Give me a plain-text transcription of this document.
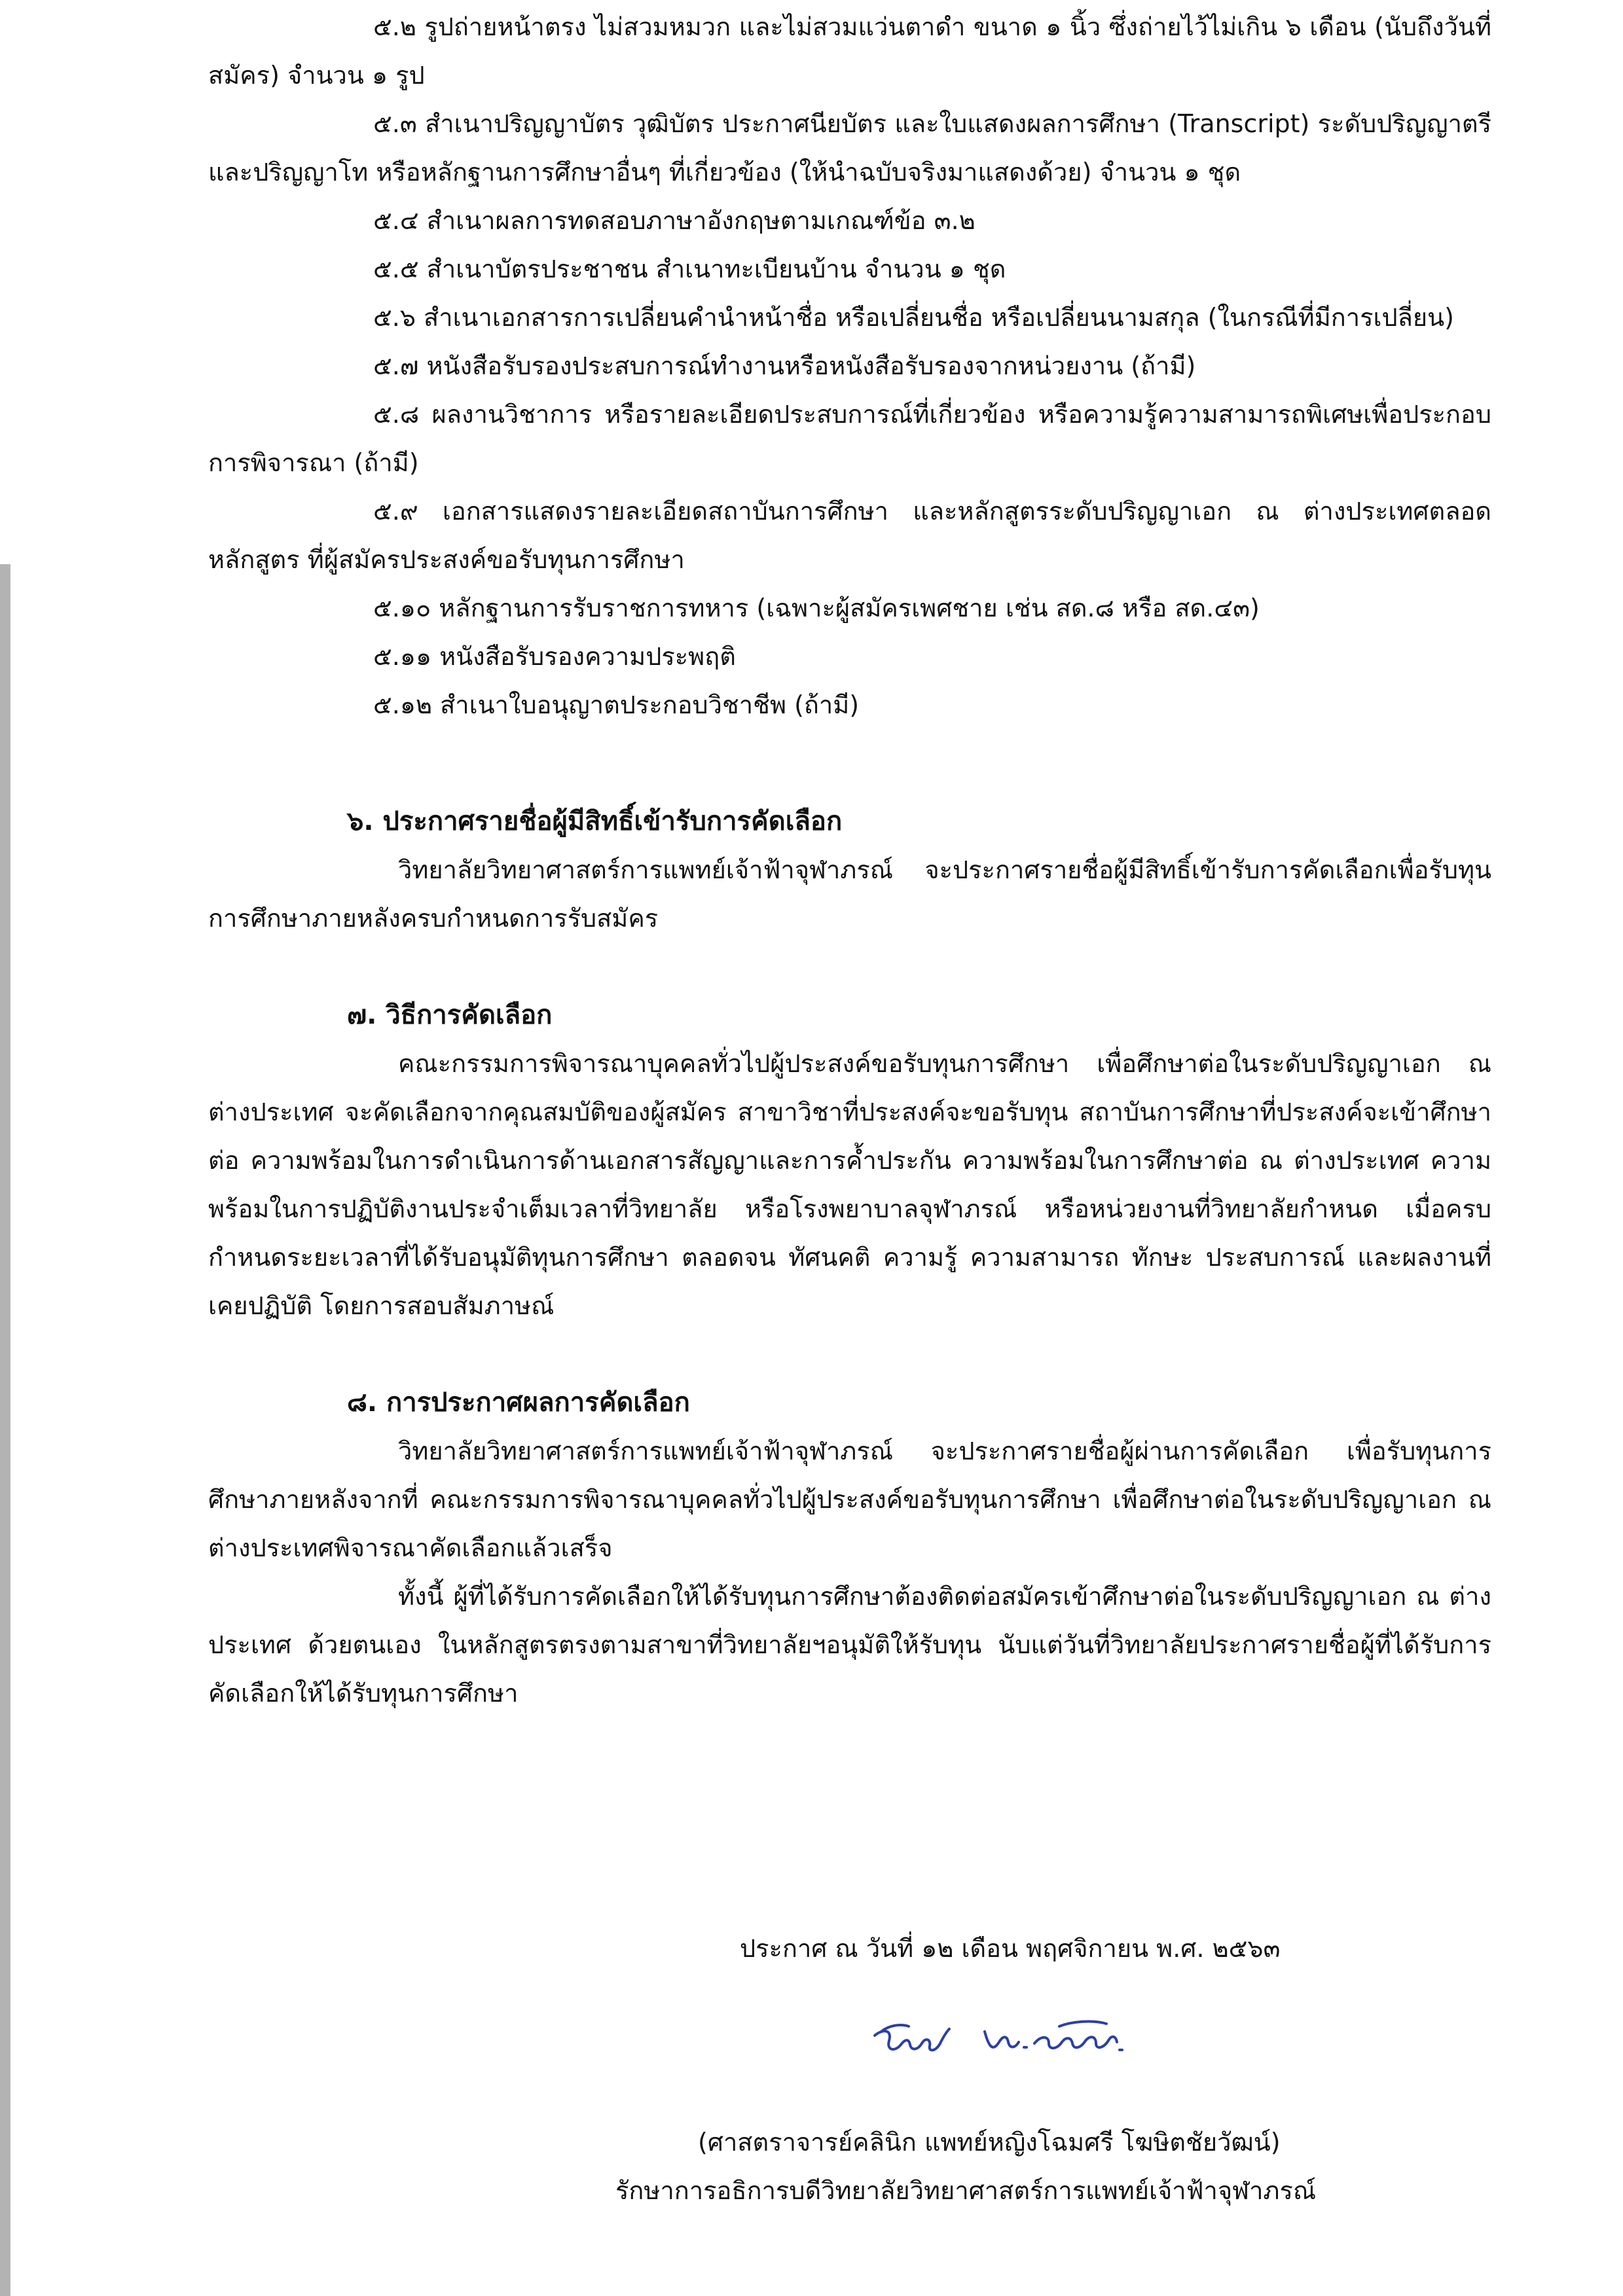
๕.๒ รูปถ่ายหน้าตรง ไม่สวมหมวก และไม่สวมแว่นตาดำ ขนาด ๑ นิ้ว ซึ่งถ่ายไว้ไม่เกิน ๖ เดือน (นับถึงวันที่สมัคร) จำนวน ๑ รูป

๕.๓ สำเนาปริญญาบัตร วุฒิบัตร ประกาศนียบัตร และใบแสดงผลการศึกษา (Transcript) ระดับปริญญาตรี และปริญญาโท หรือหลักฐานการศึกษาอื่นๆ ที่เกี่ยวข้อง (ให้นำฉบับจริงมาแสดงด้วย) จำนวน ๑ ชุด

๕.๔ สำเนาผลการทดสอบภาษาอังกฤษตามเกณฑ์ข้อ ๓.๒

๕.๕ สำเนาบัตรประชาชน สำเนาทะเบียนบ้าน จำนวน ๑ ชุด

๕.๖ สำเนาเอกสารการเปลี่ยนคำนำหน้าชื่อ หรือเปลี่ยนชื่อ หรือเปลี่ยนนามสกุล (ในกรณีที่มีการเปลี่ยน)

๕.๗ หนังสือรับรองประสบการณ์ทำงานหรือหนังสือรับรองจากหน่วยงาน (ถ้ามี)

๕.๘ ผลงานวิชาการ หรือรายละเอียดประสบการณ์ที่เกี่ยวข้อง หรือความรู้ความสามารถพิเศษเพื่อประกอบการพิจารณา (ถ้ามี)

๕.๙ เอกสารแสดงรายละเอียดสถาบันการศึกษา และหลักสูตรระดับปริญญาเอก ณ ต่างประเทศตลอดหลักสูตร ที่ผู้สมัครประสงค์ขอรับทุนการศึกษา

๕.๑๐ หลักฐานการรับราชการทหาร (เฉพาะผู้สมัครเพศชาย เช่น สด.๘ หรือ สด.๔๓)

๕.๑๑ หนังสือรับรองความประพฤติ

๕.๑๒ สำเนาใบอนุญาตประกอบวิชาชีพ (ถ้ามี)

๖. ประกาศรายชื่อผู้มีสิทธิ์เข้ารับการคัดเลือก

วิทยาลัยวิทยาศาสตร์การแพทย์เจ้าฟ้าจุฬาภรณ์ จะประกาศรายชื่อผู้มีสิทธิ์เข้ารับการคัดเลือกเพื่อรับทุนการศึกษาภายหลังครบกำหนดการรับสมัคร

๗. วิธีการคัดเลือก

คณะกรรมการพิจารณาบุคคลทั่วไปผู้ประสงค์ขอรับทุนการศึกษา เพื่อศึกษาต่อในระดับปริญญาเอก ณ ต่างประเทศ จะคัดเลือกจากคุณสมบัติของผู้สมัคร สาขาวิชาที่ประสงค์จะขอรับทุน สถาบันการศึกษาที่ประสงค์จะเข้าศึกษาต่อ ความพร้อมในการดำเนินการด้านเอกสารสัญญาและการค้ำประกัน ความพร้อมในการศึกษาต่อ ณ ต่างประเทศ ความพร้อมในการปฏิบัติงานประจำเต็มเวลาที่วิทยาลัย หรือโรงพยาบาลจุฬาภรณ์ หรือหน่วยงานที่วิทยาลัยกำหนด เมื่อครบกำหนดระยะเวลาที่ได้รับอนุมัติทุนการศึกษา ตลอดจน ทัศนคติ ความรู้ ความสามารถ ทักษะ ประสบการณ์ และผลงานที่เคยปฏิบัติ โดยการสอบสัมภาษณ์

๘. การประกาศผลการคัดเลือก

วิทยาลัยวิทยาศาสตร์การแพทย์เจ้าฟ้าจุฬาภรณ์ จะประกาศรายชื่อผู้ผ่านการคัดเลือก เพื่อรับทุนการศึกษาภายหลังจากที่ คณะกรรมการพิจารณาบุคคลทั่วไปผู้ประสงค์ขอรับทุนการศึกษา เพื่อศึกษาต่อในระดับปริญญาเอก ณ ต่างประเทศพิจารณาคัดเลือกแล้วเสร็จ

ทั้งนี้ ผู้ที่ได้รับการคัดเลือกให้ได้รับทุนการศึกษาต้องติดต่อสมัครเข้าศึกษาต่อในระดับปริญญาเอก ณ ต่างประเทศ ด้วยตนเอง ในหลักสูตรตรงตามสาขาที่วิทยาลัยฯอนุมัติให้รับทุน นับแต่วันที่วิทยาลัยประกาศรายชื่อผู้ที่ได้รับการคัดเลือกให้ได้รับทุนการศึกษา

ประกาศ ณ วันที่ ๑๒ เดือน พฤศจิกายน พ.ศ. ๒๕๖๓
(ศาสตราจารย์คลินิก แพทย์หญิงโฉมศรี โฆษิตชัยวัฒน์)
รักษาการอธิการบดีวิทยาลัยวิทยาศาสตร์การแพทย์เจ้าฟ้าจุฬาภรณ์
